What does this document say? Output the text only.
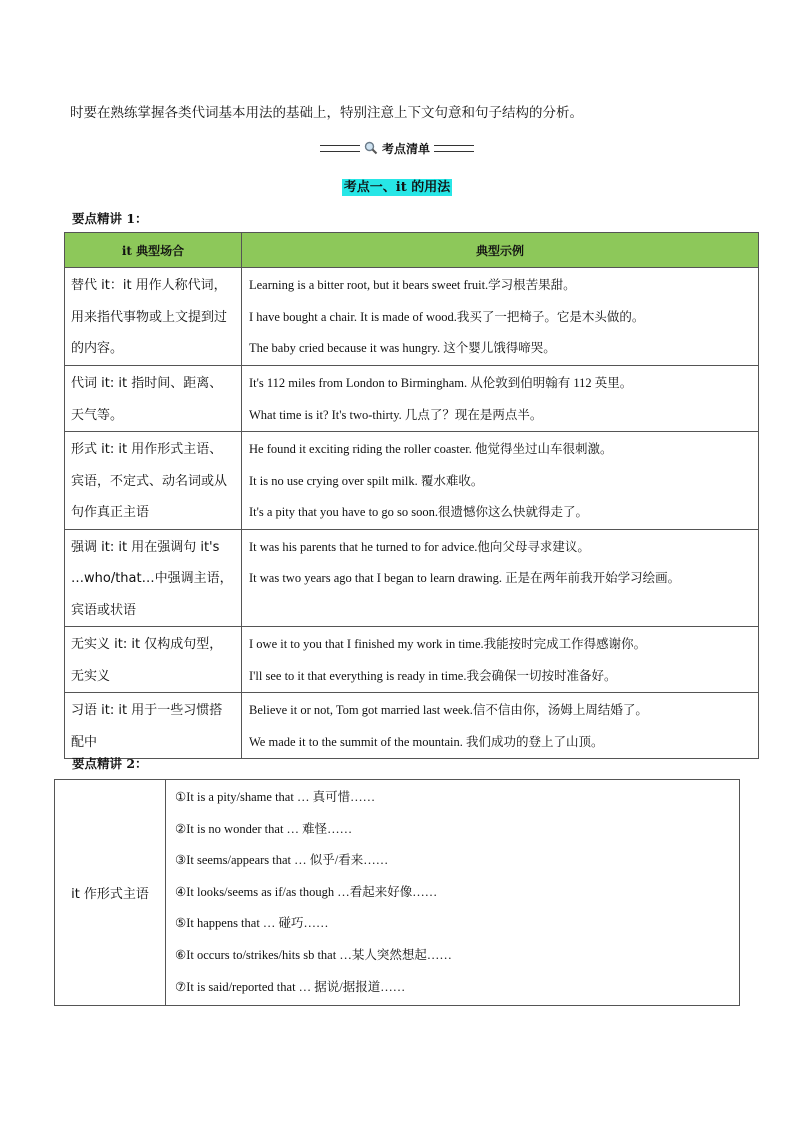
时要在熟练掌握各类代词基本用法的基础上，特别注意上下文句意和句子结构的分析。
考点清单
考点一、it 的用法
要点精讲 1：
it 典型场合	典型示例

替代 it：it 用作人称代词，用来指代事物或上文提到过的内容。	Learning is a bitter root, but it bears sweet fruit.学习根苦果甜。
I have bought a chair. It is made of wood.我买了一把椅子。它是木头做的。
The baby cried because it was hungry. 这个婴儿饿得啼哭。

代词 it: it 指时间、距离、天气等。	It's 112 miles from London to Birmingham. 从伦敦到伯明翰有 112 英里。
What time is it? It's two-thirty. 几点了？现在是两点半。

形式 it: it 用作形式主语、宾语，不定式、动名词或从句作真正主语	He found it exciting riding the roller coaster. 他觉得坐过山车很刺激。
It is no use crying over spilt milk. 覆水难收。
It's a pity that you have to go so soon.很遗憾你这么快就得走了。

强调 it: it 用在强调句 it's …who/that…中强调主语，宾语或状语	It was his parents that he turned to for advice.他向父母寻求建议。
It was two years ago that I began to learn drawing. 正是在两年前我开始学习绘画。

无实义 it: it 仅构成句型，无实义	I owe it to you that I finished my work in time.我能按时完成工作得感谢你。
I'll see to it that everything is ready in time.我会确保一切按时准备好。

习语 it: it 用于一些习惯搭配中	Believe it or not, Tom got married last week.信不信由你，汤姆上周结婚了。
We made it to the summit of the mountain. 我们成功的登上了山顶。
要点精讲 2：
it 作形式主语	
①It is a pity/shame that … 真可惜……
②It is no wonder that … 难怪……
③It seems/appears that … 似乎/看来……
④It looks/seems as if/as though …看起来好像……
⑤It happens that … 碰巧……
⑥It occurs to/strikes/hits sb that …某人突然想起……
⑦It is said/reported that … 据说/据报道……
